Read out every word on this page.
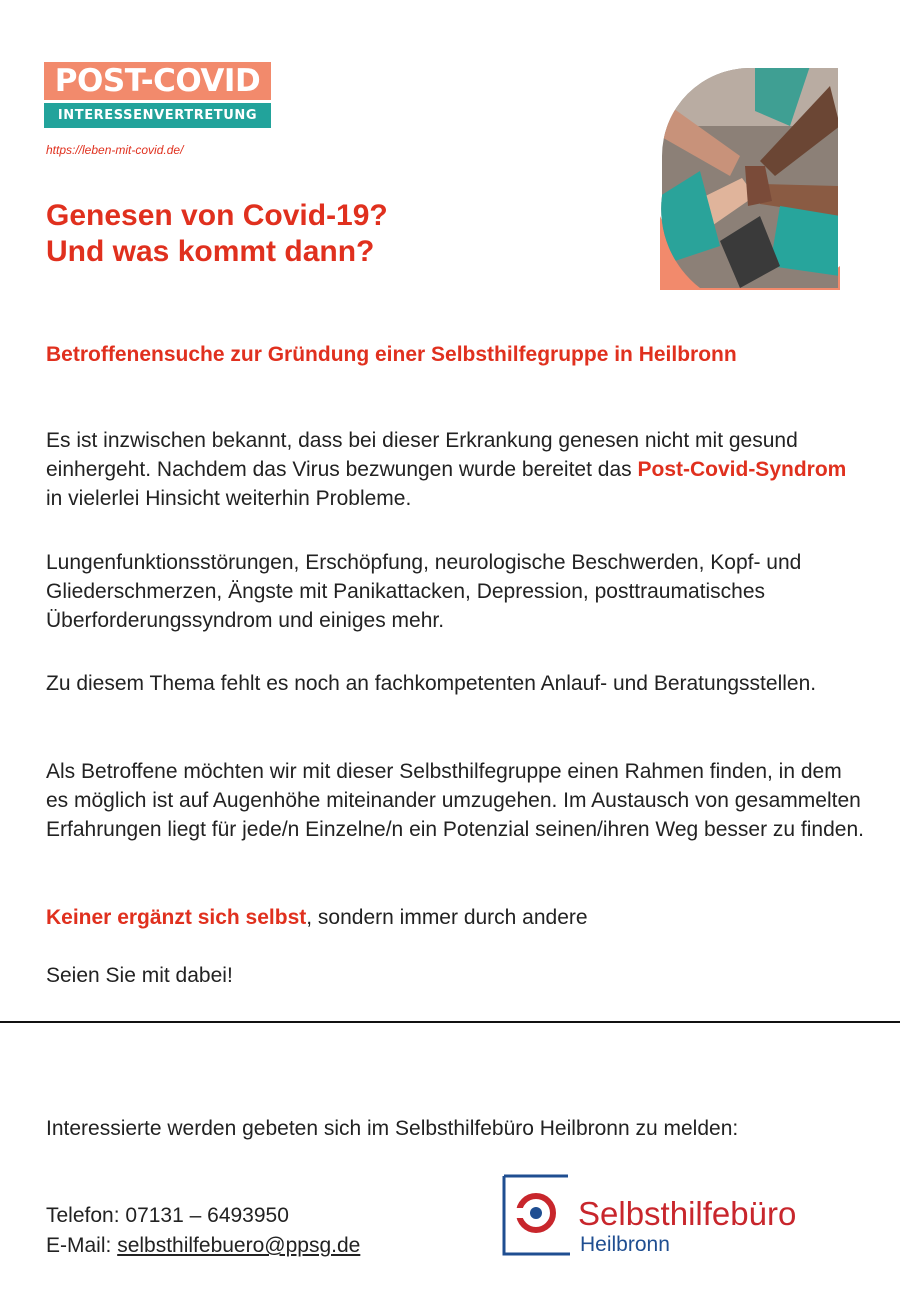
POST-COVID
INTERESSENVERTRETUNG
https://leben-mit-covid.de/
Genesen von Covid-19?
Und was kommt dann?
Betroffenensuche zur Gründung einer Selbsthilfegruppe in Heilbronn

Es ist inzwischen bekannt, dass bei dieser Erkrankung genesen nicht mit gesund einhergeht. Nachdem das Virus bezwungen wurde bereitet das Post-Covid-Syndrom in vielerlei Hinsicht weiterhin Probleme.

Lungenfunktionsstörungen, Erschöpfung, neurologische Beschwerden, Kopf- und Gliederschmerzen, Ängste mit Panikattacken, Depression, posttraumatisches Überforderungssyndrom und einiges mehr.

Zu diesem Thema fehlt es noch an fachkompetenten Anlauf- und Beratungsstellen.

Als Betroffene möchten wir mit dieser Selbsthilfegruppe einen Rahmen finden, in dem es möglich ist auf Augenhöhe miteinander umzugehen. Im Austausch von gesammelten Erfahrungen liegt für jede/n Einzelne/n ein Potenzial seinen/ihren Weg besser zu finden.

Keiner ergänzt sich selbst, sondern immer durch andere

Seien Sie mit dabei!

Interessierte werden gebeten sich im Selbsthilfebüro Heilbronn zu melden:

Telefon: 07131 – 6493950

E-Mail: selbsthilfebuero@ppsg.de

Selbsthilfebüro
Heilbronn
